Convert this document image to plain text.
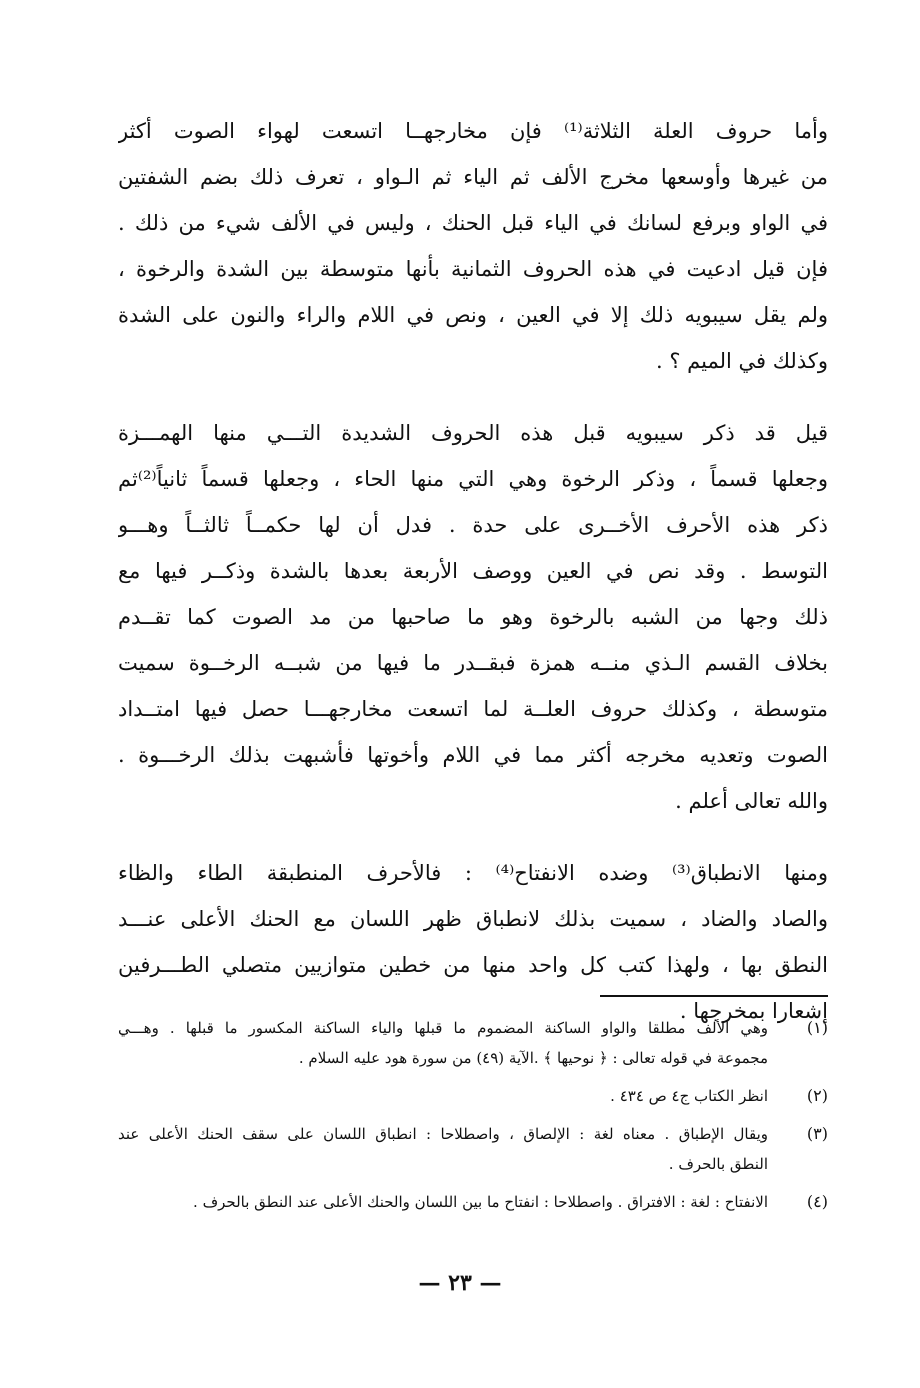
وأما حروف العلة الثلاثة⁽¹⁾ فإن مخارجهــا اتسعت لهواء الصوت أكثر
من غيرها وأوسعها مخرج الألف ثم الياء ثم الـواو ، تعرف ذلك بضم الشفتين
في الواو وبرفع لسانك في الياء قبل الحنك ، وليس في الألف شيء من ذلك .
فإن قيل ادعيت في هذه الحروف الثمانية بأنها متوسطة بين الشدة والرخوة ،
ولم يقل سيبويه ذلك إلا في العين ، ونص في اللام والراء والنون على الشدة
وكذلك في الميم ؟ .
قيل قد ذكر سيبويه قبل هذه الحروف الشديدة التـــي منها الهمـــزة
وجعلها قسماً ، وذكر الرخوة وهي التي منها الحاء ، وجعلها قسماً ثانياً⁽²⁾ثم
ذكر هذه الأحرف الأخــرى على حدة . فدل أن لها حكمــاً ثالثــاً وهـــو
التوسط . وقد نص في العين ووصف الأربعة بعدها بالشدة وذكــر فيها مع
ذلك وجها من الشبه بالرخوة وهو ما صاحبها من مد الصوت كما تقــدم
بخلاف القسم الـذي منــه همزة فبقــدر ما فيها من شبــه الرخــوة سميت
متوسطة ، وكذلك حروف العلــة لما اتسعت مخارجهـــا حصل فيها امتــداد
الصوت وتعديه مخرجه أكثر مما في اللام وأخوتها فأشبهت بذلك الرخـــوة .
والله تعالى أعلم .
ومنها الانطباق⁽³⁾ وضده الانفتاح⁽⁴⁾ : فالأحرف المنطبقة الطاء والظاء
والصاد والضاد ، سميت بذلك لانطباق ظهر اللسان مع الحنك الأعلى عنـــد
النطق بها ، ولهذا كتب كل واحد منها من خطين متوازيين متصلي الطـــرفين
إشعارا بمخرجها .
(١)
وهي الألف مطلقا والواو الساكنة المضموم ما قبلها والياء الساكنة المكسور ما قبلها . وهـــي
مجموعة في قوله تعالى : ﴿ نوحيها ﴾ .الآية (٤٩) من سورة هود عليه السلام .
(٢)
انظر الكتاب ج٤ ص ٤٣٤ .
(٣)
ويقال الإطباق . معناه لغة : الإلصاق ، واصطلاحا : انطباق اللسان على سقف الحنك الأعلى عند
النطق بالحرف .
(٤)
الانفتاح : لغة : الافتراق . واصطلاحا : انفتاح ما بين اللسان والحنك الأعلى عند النطق بالحرف .
— ٢٣ —
